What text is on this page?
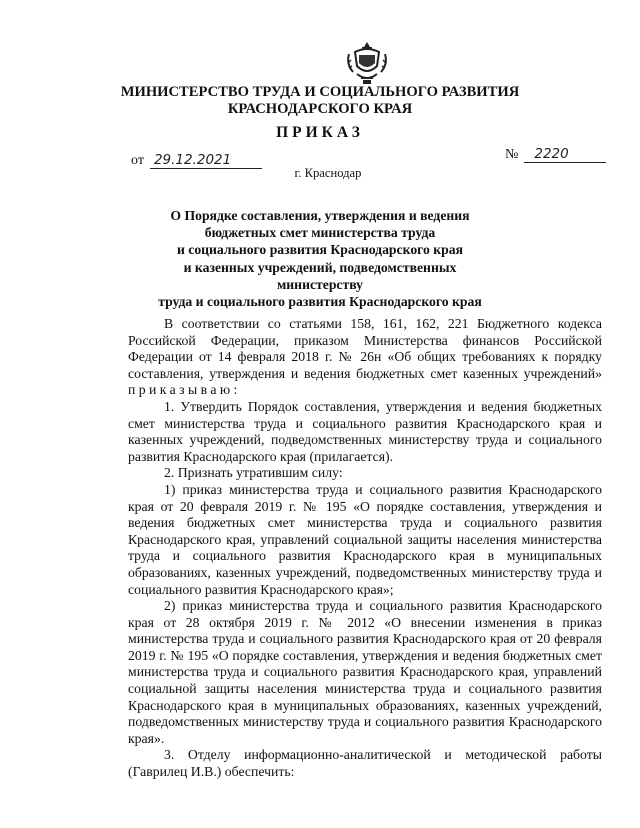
МИНИСТЕРСТВО ТРУДА И СОЦИАЛЬНОГО РАЗВИТИЯ
КРАСНОДАРСКОГО КРАЯ
ПРИКАЗ
от 29.12.2021	№ 2220
г. Краснодар
О Порядке составления, утверждения и ведения
бюджетных смет министерства труда
и социального развития Краснодарского края
и казенных учреждений, подведомственных министерству
труда и социального развития Краснодарского края

В соответствии со статьями 158, 161, 162, 221 Бюджетного кодекса Российской Федерации, приказом Министерства финансов Российской Федерации от 14 февраля 2018 г. № 26н «Об общих требованиях к порядку составления, утверждения и ведения бюджетных смет казенных учреждений»

приказываю:

1. Утвердить Порядок составления, утверждения и ведения бюджетных смет министерства труда и социального развития Краснодарского края и казенных учреждений, подведомственных министерству труда и социального развития Краснодарского края (прилагается).

2. Признать утратившим силу:

1) приказ министерства труда и социального развития Краснодарского края от 20 февраля 2019 г. № 195 «О порядке составления, утверждения и ведения бюджетных смет министерства труда и социального развития Краснодарского края, управлений социальной защиты населения министерства труда и социального развития Краснодарского края в муниципальных образованиях, казенных учреждений, подведомственных министерству труда и социального развития Краснодарского края»;

2) приказ министерства труда и социального развития Краснодарского края от 28 октября 2019 г. № 2012 «О внесении изменения в приказ министерства труда и социального развития Краснодарского края от 20 февраля 2019 г. № 195 «О порядке составления, утверждения и ведения бюджетных смет министерства труда и социального развития Краснодарского края, управлений социальной защиты населения министерства труда и социального развития Краснодарского края в муниципальных образованиях, казенных учреждений, подведомственных министерству труда и социального развития Краснодарского края».

3. Отделу информационно-аналитической и методической работы (Гаврилец И.В.) обеспечить:
